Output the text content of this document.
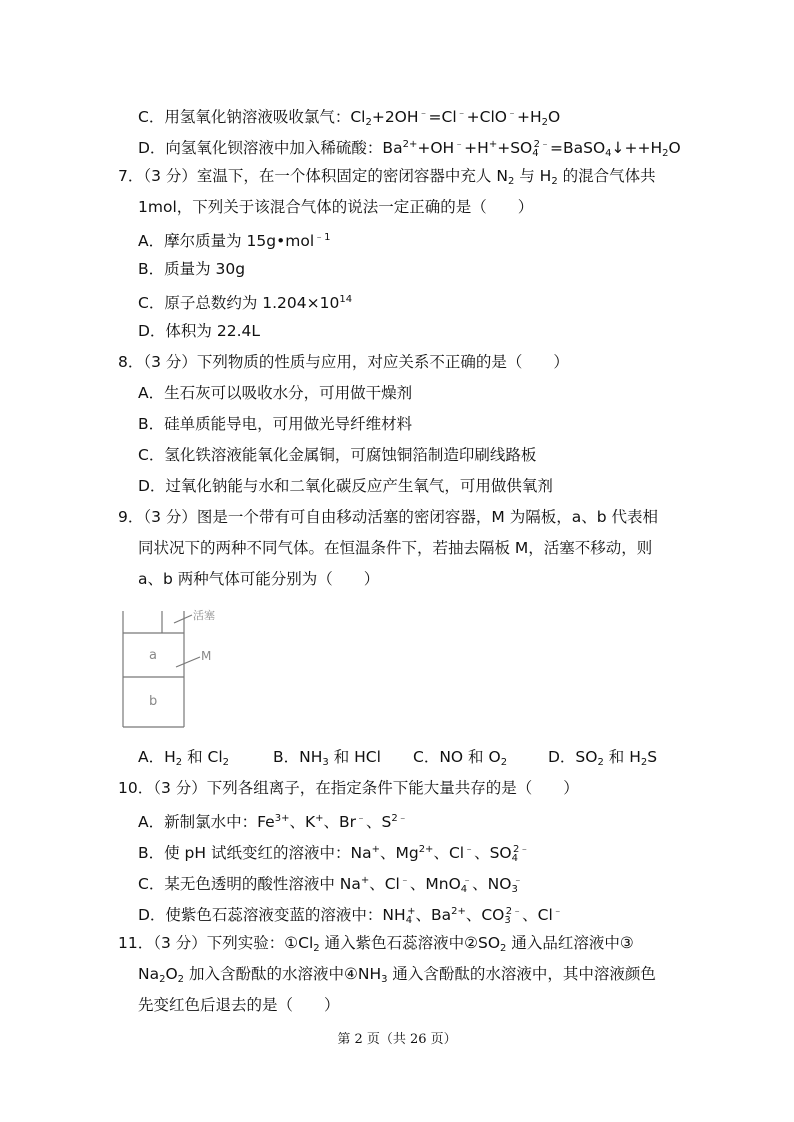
C．用氢氧化钠溶液吸收氯气：$Cl_2+2OH^﹣=Cl^﹣+ClO^﹣+H_2O$
D．向氢氧化钡溶液中加入稀硫酸：$Ba^{2+}+OH^﹣+H^++SO_4^{2﹣}=BaSO_4↓++H_2O$
7．（3 分）室温下，在一个体积固定的密闭容器中充人 $N_2$ 与 $H_2$ 的混合气体共
1mol，下列关于该混合气体的说法一定正确的是（　　）
A．摩尔质量为 15g•mol$^{﹣1}$
B．质量为 30g
C．原子总数约为 $1.204\times 10^{14}$
D．体积为 22.4L
8．（3 分）下列物质的性质与应用，对应关系不正确的是（　　）
A．生石灰可以吸收水分，可用做干燥剂
B．硅单质能导电，可用做光导纤维材料
C．氢化铁溶液能氧化金属铜，可腐蚀铜箔制造印刷线路板
D．过氧化钠能与水和二氧化碳反应产生氧气，可用做供氧剂
9．（3 分）图是一个带有可自由移动活塞的密闭容器，M 为隔板，a、b 代表相
同状况下的两种不同气体。在恒温条件下，若抽去隔板 M，活塞不移动，则
a、b 两种气体可能分别为（　　）
活塞
M
a
b
A．$H_2$ 和 $Cl_2$	B．$NH_3$ 和 HCl C．NO 和 $O_2$	D．$SO_2$ 和 $H_2S$
10．（3 分）下列各组离子，在指定条件下能大量共存的是（　　）
A．新制氯水中：$Fe^{3+}$、K+、Br﹣、$S^{2﹣}$
B．使 pH 试纸变红的溶液中：Na+、$Mg^{2+}$、Cl﹣、$SO_4^{2﹣}$
C．某无色透明的酸性溶液中 Na+、Cl﹣、MnO$_4$﹣、$NO_3^﹣$
D．使紫色石蕊溶液变蓝的溶液中：$NH_4^+$、$Ba^{2+}$、$CO_3^{2﹣}$、Cl﹣
11．（3 分）下列实验：$①Cl_2$ 通入紫色石蕊溶液中$②SO_2$ 通入品红溶液中③
$Na_2O_2$ 加入含酚酞的水溶液中$④NH_3$ 通入含酚酞的水溶液中，其中溶液颜色
先变红色后退去的是（　　）
第 2 页（共 26 页）
